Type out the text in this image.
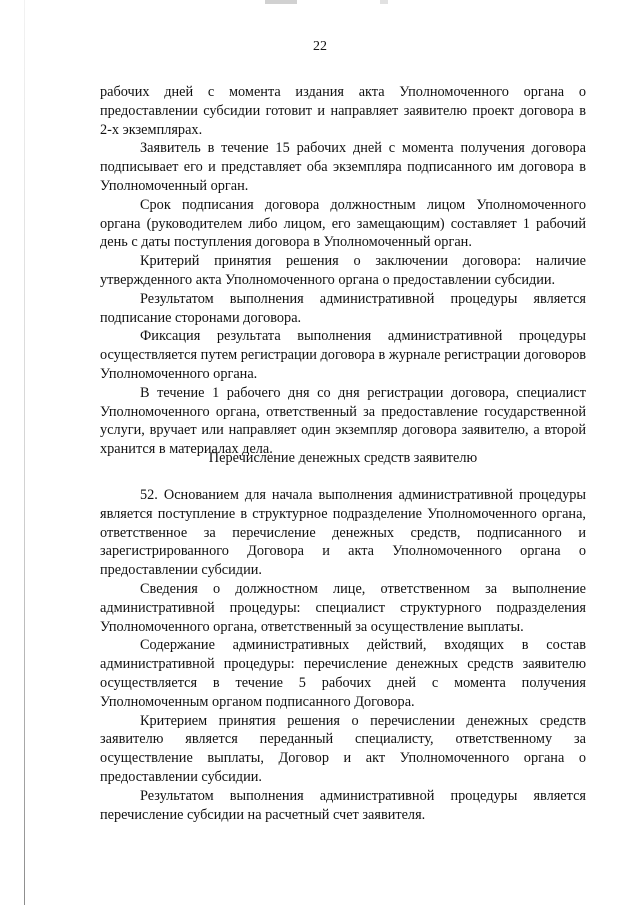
22

рабочих дней с момента издания акта Уполномоченного органа о предоставлении субсидии готовит и направляет заявителю проект договора в 2-х экземплярах.

Заявитель в течение 15 рабочих дней с момента получения договора подписывает его и представляет оба экземпляра подписанного им договора в Уполномоченный орган.

Срок подписания договора должностным лицом Уполномоченного органа (руководителем либо лицом, его замещающим) составляет 1 рабочий день с даты поступления договора в Уполномоченный орган.

Критерий принятия решения о заключении договора: наличие утвержденного акта Уполномоченного органа о предоставлении субсидии.

Результатом выполнения административной процедуры является подписание сторонами договора.

Фиксация результата выполнения административной процедуры осуществляется путем регистрации договора в журнале регистрации договоров Уполномоченного органа.

В течение 1 рабочего дня со дня регистрации договора, специалист Уполномоченного органа, ответственный за предоставление государственной услуги, вручает или направляет один экземпляр договора заявителю, а второй хранится в материалах дела.

Перечисление денежных средств заявителю

52. Основанием для начала выполнения административной процедуры является поступление в структурное подразделение Уполномоченного органа, ответственное за перечисление денежных средств, подписанного и зарегистрированного Договора и акта Уполномоченного органа о предоставлении субсидии.

Сведения о должностном лице, ответственном за выполнение административной процедуры: специалист структурного подразделения Уполномоченного органа, ответственный за осуществление выплаты.

Содержание административных действий, входящих в состав административной процедуры: перечисление денежных средств заявителю осуществляется в течение 5 рабочих дней с момента получения Уполномоченным органом подписанного Договора.

Критерием принятия решения о перечислении денежных средств заявителю является переданный специалисту, ответственному за осуществление выплаты, Договор и акт Уполномоченного органа о предоставлении субсидии.

Результатом выполнения административной процедуры является перечисление субсидии на расчетный счет заявителя.
